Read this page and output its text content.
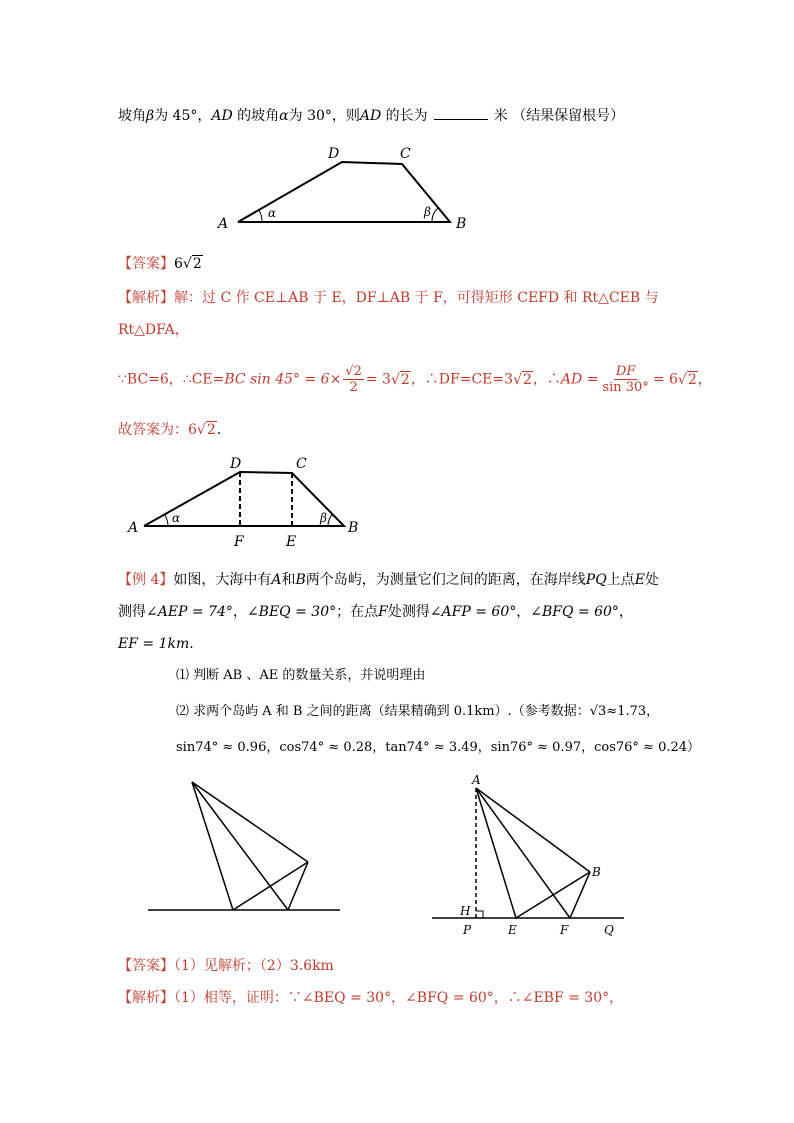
坡角β为 45°，AD 的坡角α为 30°，则AD 的长为	米 （结果保留根号）
A	B
C
D
α	β
【答案】6√2
【解析】解：过 C 作 CE⊥AB 于 E，DF⊥AB 于 F，可得矩形 CEFD 和 Rt△CEB 与
Rt△DFA，
∵BC=6，∴CE=BC $\sin 45^\circ = 6\times \frac{√2}{2} = 3√2$，∴DF=CE=3√2，∴AD = $\frac{DF}{\sin 30^\circ} = 6√2$，
故答案为：6√2.
A	B
C
D
E
F
α	β
【例 4】如图，大海中有A和B两个岛屿，为测量它们之间的距离，在海岸线PQ上点E处
测得∠AEP = 74°，∠BEQ = 30°；在点F处测得∠AFP = 60°，∠BFQ = 60°，
EF = 1km.
⑴ 判断 AB 、AE 的数量关系，并说明理由
⑵ 求两个岛屿 A 和 B 之间的距离（结果精确到 0.1km）.（参考数据：√3≈1.73，
sin74° ≈ 0.96，cos74° ≈ 0.28，tan74° ≈ 3.49，sin76° ≈ 0.97，cos76° ≈ 0.24）
A
B
H
P	E	F	Q
【答案】（1）见解析；（2）3.6km
【解析】（1）相等，证明：∵∠BEQ = 30°，∠BFQ = 60°，∴∠EBF = 30°，
